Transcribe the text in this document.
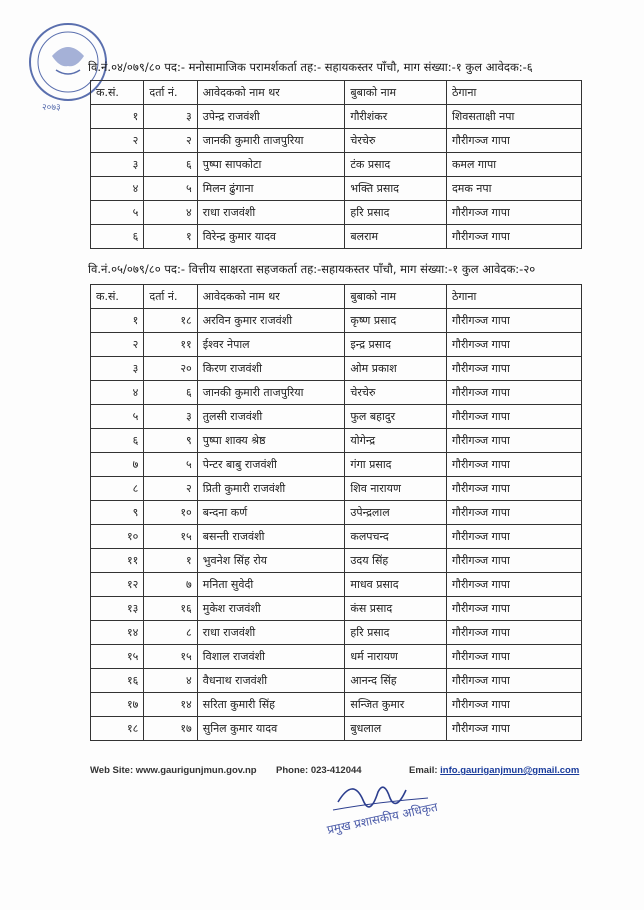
२०७३
वि.नं.०४/०७९/८० पद:- मनोसामाजिक परामर्शकर्ता तह:- सहायकस्तर पाँचौ, माग संख्या:-१ कुल आवेदक:-६
क.सं.	दर्ता नं.	आवेदकको नाम थर	बुबाको नाम	ठेगाना
१	३	उपेन्द्र राजवंशी	गौरीशंकर	शिवसताक्षी नपा
२	२	जानकी कुमारी ताजपुरिया	चेरचेरु	गौरीगञ्ज गापा
३	६	पुष्पा सापकोटा	टंक प्रसाद	कमल गापा
४	५	मिलन ढुंगाना	भक्ति प्रसाद	दमक नपा
५	४	राधा राजवंशी	हरि प्रसाद	गौरीगञ्ज गापा
६	१	विरेन्द्र कुमार यादव	बलराम	गौरीगञ्ज गापा
वि.नं.०५/०७९/८० पद:- वित्तीय साक्षरता सहजकर्ता तह:-सहायकस्तर पाँचौ, माग संख्या:-१ कुल आवेदक:-२०
क.सं.	दर्ता नं.	आवेदकको नाम थर	बुबाको नाम	ठेगाना
१	१८	अरविन कुमार राजवंशी	कृष्ण प्रसाद	गौरीगञ्ज गापा
२	११	ईश्वर नेपाल	इन्द्र प्रसाद	गौरीगञ्ज गापा
३	२०	किरण राजवंशी	ओम प्रकाश	गौरीगञ्ज गापा
४	६	जानकी कुमारी ताजपुरिया	चेरचेरु	गौरीगञ्ज गापा
५	३	तुलसी राजवंशी	फुल बहादुर	गौरीगञ्ज गापा
६	९	पुष्पा शाक्य श्रेष्ठ	योगेन्द्र	गौरीगञ्ज गापा
७	५	पेन्टर बाबु राजवंशी	गंगा प्रसाद	गौरीगञ्ज गापा
८	२	प्रिती कुमारी राजवंशी	शिव नारायण	गौरीगञ्ज गापा
९	१०	बन्दना कर्ण	उपेन्द्रलाल	गौरीगञ्ज गापा
१०	१५	बसन्ती राजवंशी	कलपचन्द	गौरीगञ्ज गापा
११	१	भुवनेश सिंह रोय	उदय सिंह	गौरीगञ्ज गापा
१२	७	मनिता सुवेदी	माधव प्रसाद	गौरीगञ्ज गापा
१३	१६	मुकेश राजवंशी	कंस प्रसाद	गौरीगञ्ज गापा
१४	८	राधा राजवंशी	हरि प्रसाद	गौरीगञ्ज गापा
१५	१५	विशाल राजवंशी	धर्म नारायण	गौरीगञ्ज गापा
१६	४	वैधनाथ राजवंशी	आनन्द सिंह	गौरीगञ्ज गापा
१७	१४	सरिता कुमारी सिंह	सन्जित कुमार	गौरीगञ्ज गापा
१८	१७	सुनिल कुमार यादव	बुधलाल	गौरीगञ्ज गापा
Web Site: www.gaurigunjmun.gov.np Phone: 023-412044	Email: info.gauriganjmun@gmail.com
प्रमुख प्रशासकीय अधिकृत
